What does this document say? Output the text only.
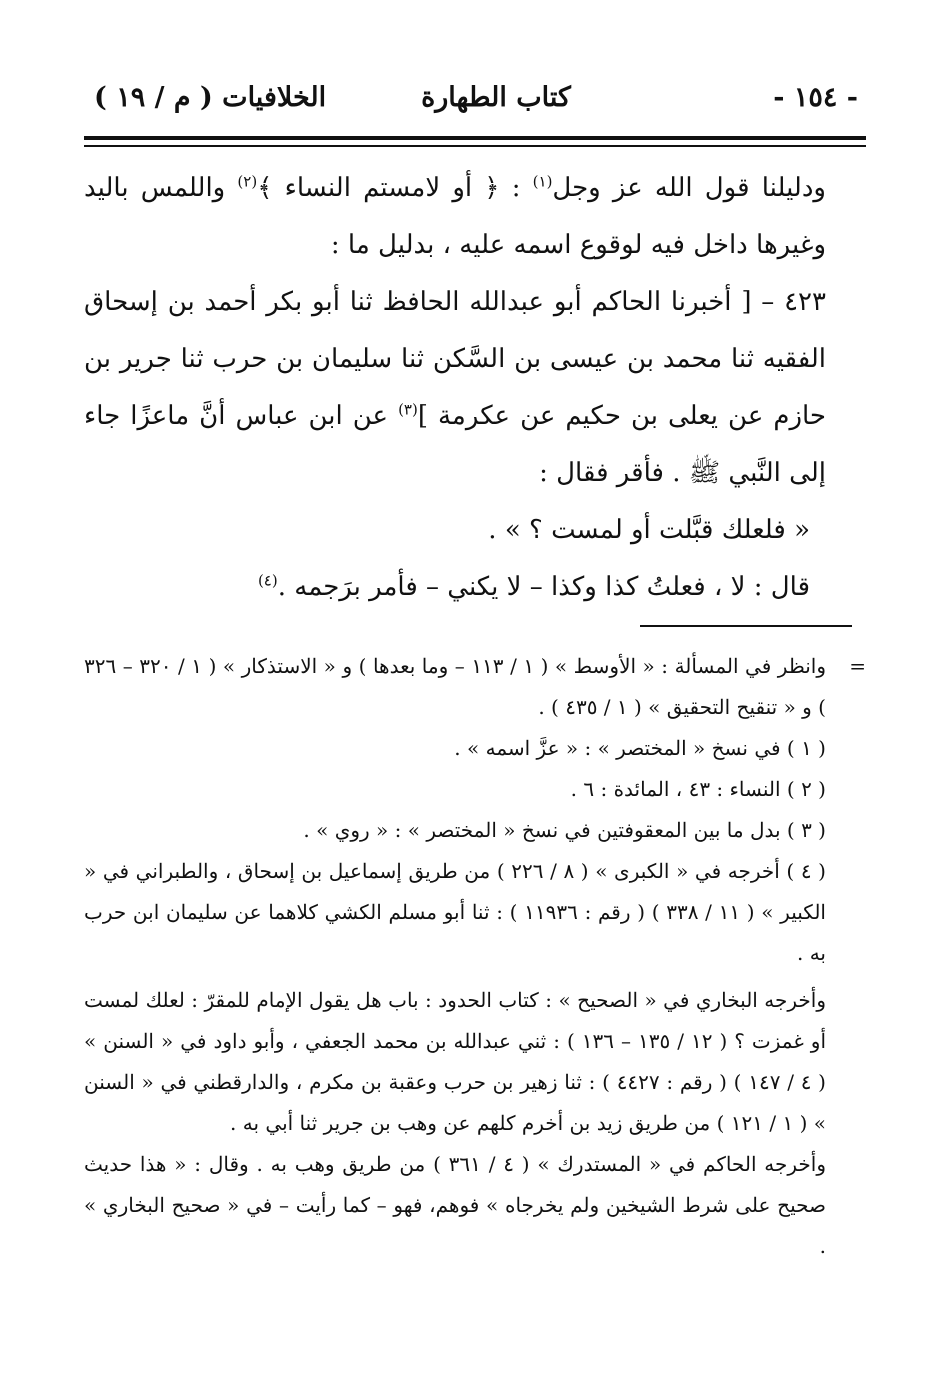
- ١٥٤ -
كتاب الطهارة
الخلافيات ( م / ١٩ )

ودليلنا قول الله عز وجل$^{(١)}$ : ﴿ أو لامستم النساء ﴾$^{(٢)}$ واللمس باليد وغيرها داخل فيه لوقوع اسمه عليه ، بدليل ما :

٤٢٣ – [ أخبرنا الحاكم أبو عبدالله الحافظ ثنا أبو بكر أحمد بن إسحاق الفقيه ثنا محمد بن عيسى بن السَّكن ثنا سليمان بن حرب ثنا جرير بن حازم عن يعلى بن حكيم عن عكرمة ]$^{(٣)}$ عن ابن عباس أنَّ ماعزًا جاء إلى النَّبي ﷺ . فأقر فقال :

« فلعلك قبَّلت أو لمست ؟ » .

قال : لا ، فعلتُ كذا وكذا – لا يكني – فأمر برَجمه .$^{(٤)}$

=
وانظر في المسألة : « الأوسط » ( ١ / ١١٣ – وما بعدها ) و « الاستذكار » ( ١ / ٣٢٠ – ٣٢٦ ) و « تنقيح التحقيق » ( ١ / ٤٣٥ ) .

( ١ ) في نسخ « المختصر » : « عزَّ اسمه » .

( ٢ ) النساء : ٤٣ ، المائدة : ٦ .

( ٣ ) بدل ما بين المعقوفتين في نسخ « المختصر » : « روي » .

( ٤ ) أخرجه في « الكبرى » ( ٨ / ٢٢٦ ) من طريق إسماعيل بن إسحاق ، والطبراني في « الكبير » ( ١١ / ٣٣٨ ) ( رقم : ١١٩٣٦ ) : ثنا أبو مسلم الكشي كلاهما عن سليمان ابن حرب به .

وأخرجه البخاري في « الصحيح » : كتاب الحدود : باب هل يقول الإمام للمقرّ : لعلك لمست أو غمزت ؟ ( ١٢ / ١٣٥ – ١٣٦ ) : ثني عبدالله بن محمد الجعفي ، وأبو داود في « السنن » ( ٤ / ١٤٧ ) ( رقم : ٤٤٢٧ ) : ثنا زهير بن حرب وعقبة بن مكرم ، والدارقطني في « السنن » ( ١ / ١٢١ ) من طريق زيد بن أخرم كلهم عن وهب بن جرير ثنا أبي به .

وأخرجه الحاكم في « المستدرك » ( ٤ / ٣٦١ ) من طريق وهب به . وقال : « هذا حديث صحيح على شرط الشيخين ولم يخرجاه » فوهم، فهو – كما رأيت – في « صحيح البخاري » .
